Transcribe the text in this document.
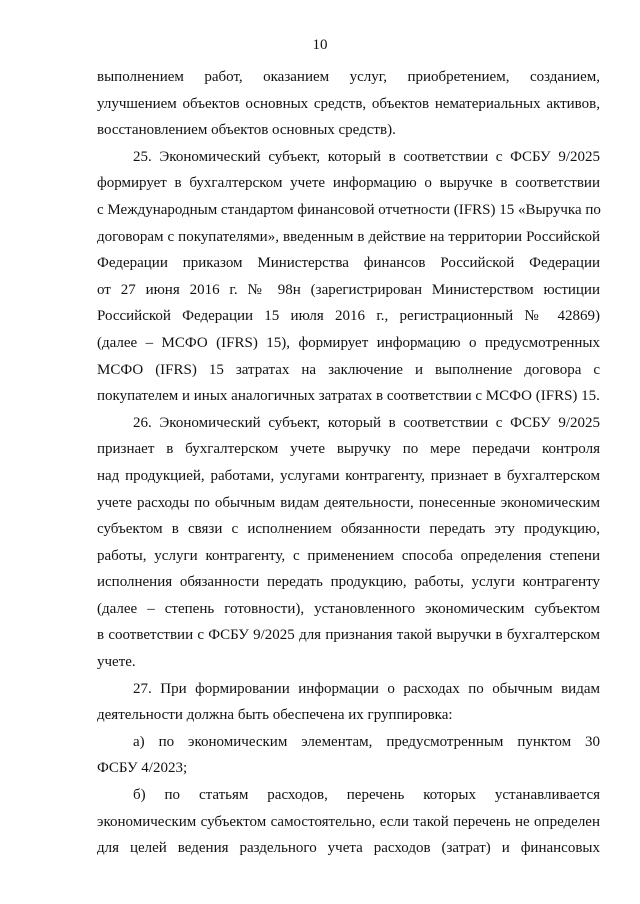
10
выполнением работ, оказанием услуг, приобретением, созданием,
улучшением объектов основных средств, объектов нематериальных активов,
восстановлением объектов основных средств).
25. Экономический субъект, который в соответствии с ФСБУ 9/2025
формирует в бухгалтерском учете информацию о выручке в соответствии
с Международным стандартом финансовой отчетности (IFRS) 15 «Выручка по
договорам с покупателями», введенным в действие на территории Российской
Федерации приказом Министерства финансов Российской Федерации
от 27 июня 2016 г. № 98н (зарегистрирован Министерством юстиции
Российской Федерации 15 июля 2016 г., регистрационный № 42869)
(далее – МСФО (IFRS) 15), формирует информацию о предусмотренных
МСФО (IFRS) 15 затратах на заключение и выполнение договора с
покупателем и иных аналогичных затратах в соответствии с МСФО (IFRS) 15.
26. Экономический субъект, который в соответствии с ФСБУ 9/2025
признает в бухгалтерском учете выручку по мере передачи контроля
над продукцией, работами, услугами контрагенту, признает в бухгалтерском
учете расходы по обычным видам деятельности, понесенные экономическим
субъектом в связи с исполнением обязанности передать эту продукцию,
работы, услуги контрагенту, с применением способа определения степени
исполнения обязанности передать продукцию, работы, услуги контрагенту
(далее – степень готовности), установленного экономическим субъектом
в соответствии с ФСБУ 9/2025 для признания такой выручки в бухгалтерском
учете.
27. При формировании информации о расходах по обычным видам
деятельности должна быть обеспечена их группировка:
а) по экономическим элементам, предусмотренным пунктом 30
ФСБУ 4/2023;
б) по статьям расходов, перечень которых устанавливается
экономическим субъектом самостоятельно, если такой перечень не определен
для целей ведения раздельного учета расходов (затрат) и финансовых
